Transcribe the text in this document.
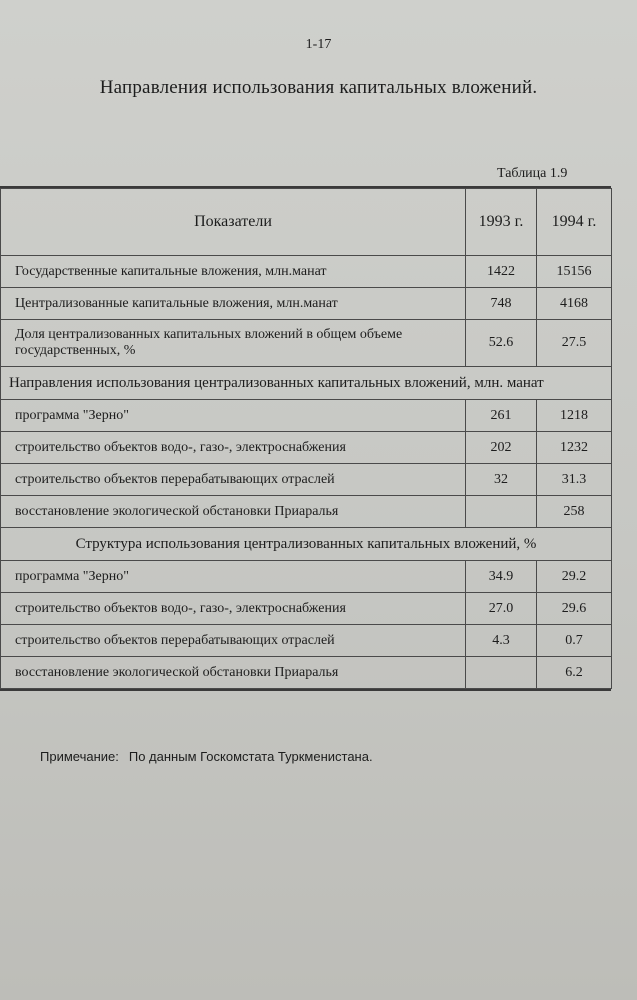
1-17
Направления использования капитальных вложений.
Таблица 1.9
Показатели	1993 г.	1994 г.
Государственные капитальные вложения, млн.манат	1422	15156
Централизованные капитальные вложения, млн.манат	748	4168
Доля централизованных капитальных вложений в общем объеме государственных, %	52.6	27.5
Направления использования централизованных капитальных вложений, млн. манат		
программа "Зерно"	261	1218
строительство объектов водо-, газо-, электроснабжения	202	1232
строительство объектов перерабатывающих отраслей	32	31.3
восстановление экологической обстановки Приаралья		258
Структура использования централизованных капитальных вложений, %		
программа "Зерно"	34.9	29.2
строительство объектов водо-, газо-, электроснабжения	27.0	29.6
строительство объектов перерабатывающих отраслей	4.3	0.7
восстановление экологической обстановки Приаралья		6.2
Примечание: По данным Госкомстата Туркменистана.
